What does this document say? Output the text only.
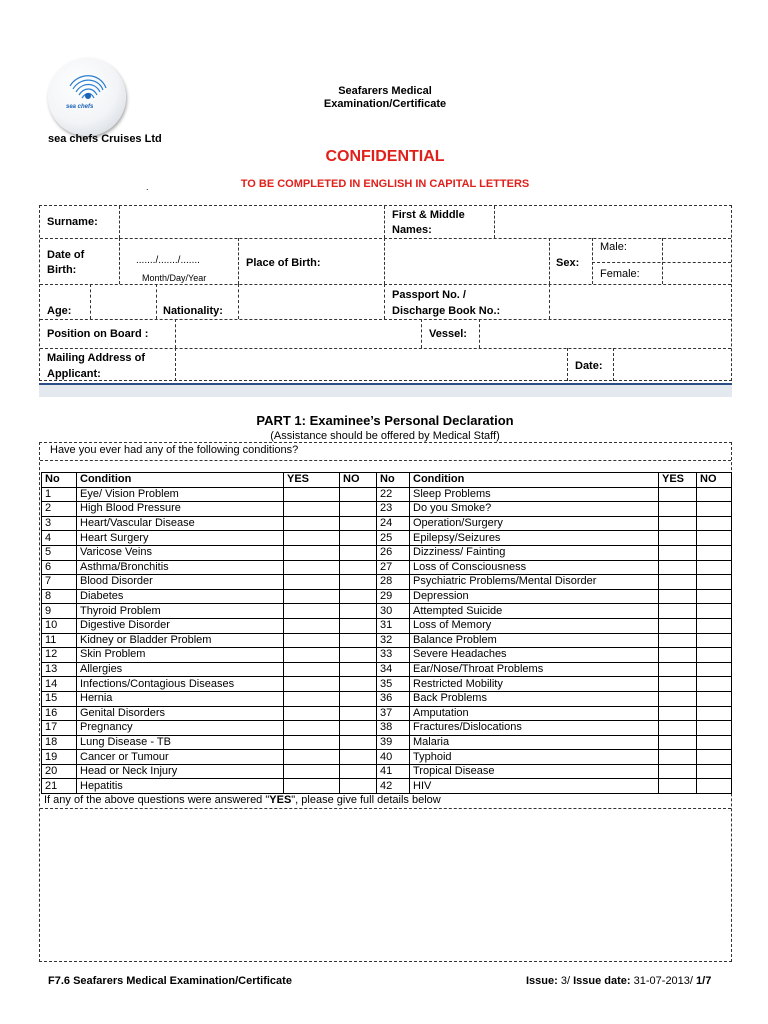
sea chefs
sea chefs Cruises Ltd
Seafarers Medical
Examination/Certificate
CONFIDENTIAL
.	TO BE COMPLETED IN ENGLISH IN CAPITAL LETTERS
Surname:
First & Middle
Names:
Date of
Birth:
......./......./.......
Month/Day/Year
Place of Birth:	Sex:
Male:
Female:
Age:	Nationality:
Passport No. /
Discharge Book No.:
Position on Board :	Vessel:
Mailing Address of
Applicant:
Date:
PART 1: Examinee’s Personal Declaration
(Assistance should be offered by Medical Staff)
Have you ever had any of the following conditions?
No	Condition	YES	NO	No	Condition	YES	NO
1	Eye/ Vision Problem			22	Sleep Problems		
2	High Blood Pressure			23	Do you Smoke?		
3	Heart/Vascular Disease			24	Operation/Surgery		
4	Heart Surgery			25	Epilepsy/Seizures		
5	Varicose Veins			26	Dizziness/ Fainting		
6	Asthma/Bronchitis			27	Loss of Consciousness		
7	Blood Disorder			28	Psychiatric Problems/Mental Disorder		
8	Diabetes			29	Depression		
9	Thyroid Problem			30	Attempted Suicide		
10	Digestive Disorder			31	Loss of Memory		
11	Kidney or Bladder Problem			32	Balance Problem		
12	Skin Problem			33	Severe Headaches		
13	Allergies			34	Ear/Nose/Throat Problems		
14	Infections/Contagious Diseases			35	Restricted Mobility		
15	Hernia			36	Back Problems		
16	Genital Disorders			37	Amputation		
17	Pregnancy			38	Fractures/Dislocations		
18	Lung Disease - TB			39	Malaria		
19	Cancer or Tumour			40	Typhoid		
20	Head or Neck Injury			41	Tropical Disease		
21	Hepatitis			42	HIV		
If any of the above questions were answered "YES", please give full details below
F7.6 Seafarers Medical Examination/Certificate	Issue: 3/ Issue date: 31-07-2013/ 1/7
